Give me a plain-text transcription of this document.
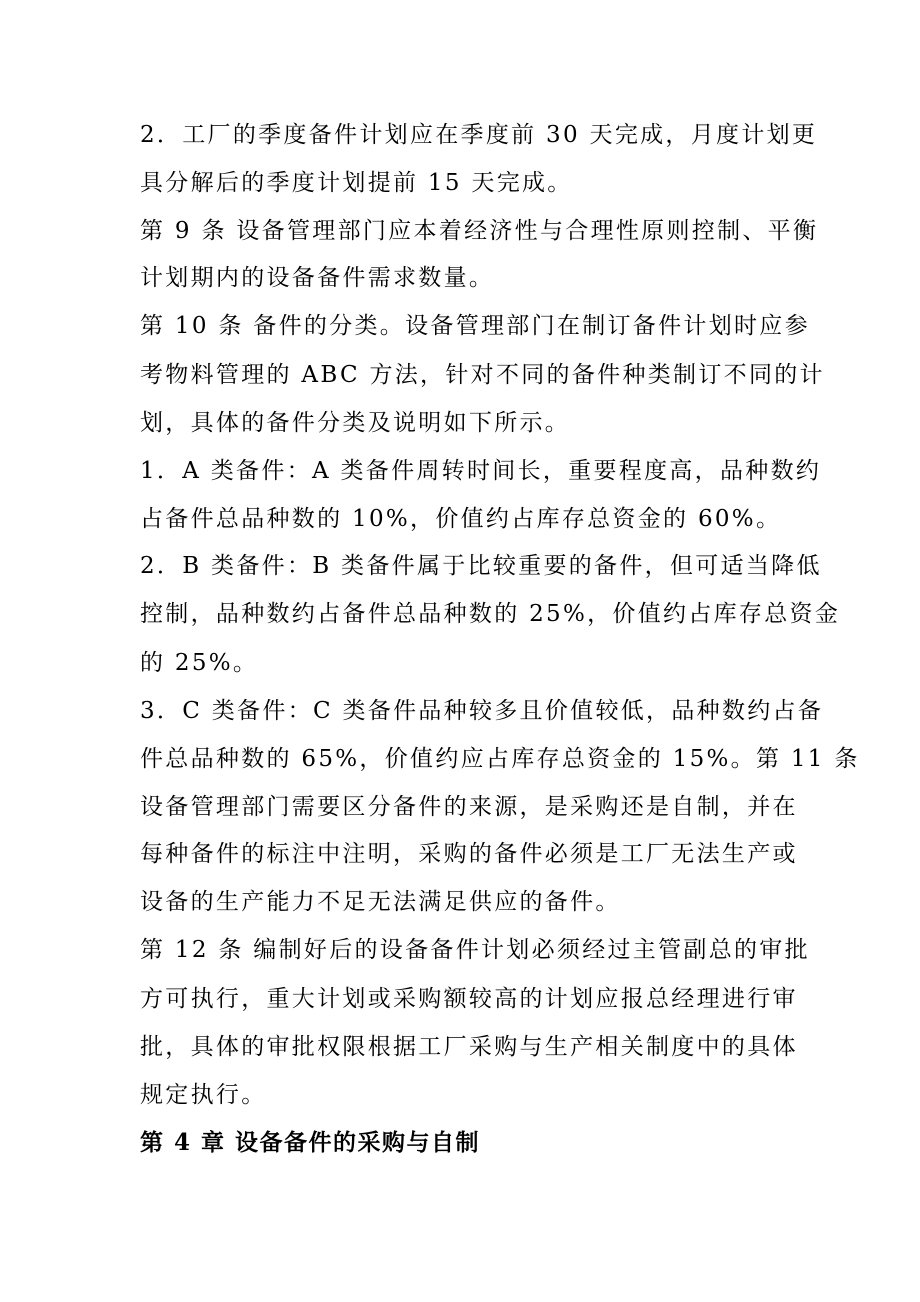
2．工厂的季度备件计划应在季度前 30 天完成，月度计划更

具分解后的季度计划提前 15 天完成。

第 9 条 设备管理部门应本着经济性与合理性原则控制、平衡

计划期内的设备备件需求数量。

第 10 条 备件的分类。设备管理部门在制订备件计划时应参

考物料管理的 ABC 方法，针对不同的备件种类制订不同的计

划，具体的备件分类及说明如下所示。

1．A 类备件：A 类备件周转时间长，重要程度高，品种数约

占备件总品种数的 10%，价值约占库存总资金的 60%。

2．B 类备件：B 类备件属于比较重要的备件，但可适当降低

控制，品种数约占备件总品种数的 25%，价值约占库存总资金

的 25%。

3．C 类备件：C 类备件品种较多且价值较低，品种数约占备

件总品种数的 65%，价值约应占库存总资金的 15%。第 11 条

设备管理部门需要区分备件的来源，是采购还是自制，并在

每种备件的标注中注明，采购的备件必须是工厂无法生产或

设备的生产能力不足无法满足供应的备件。

第 12 条 编制好后的设备备件计划必须经过主管副总的审批

方可执行，重大计划或采购额较高的计划应报总经理进行审

批，具体的审批权限根据工厂采购与生产相关制度中的具体

规定执行。

第 4 章 设备备件的采购与自制
